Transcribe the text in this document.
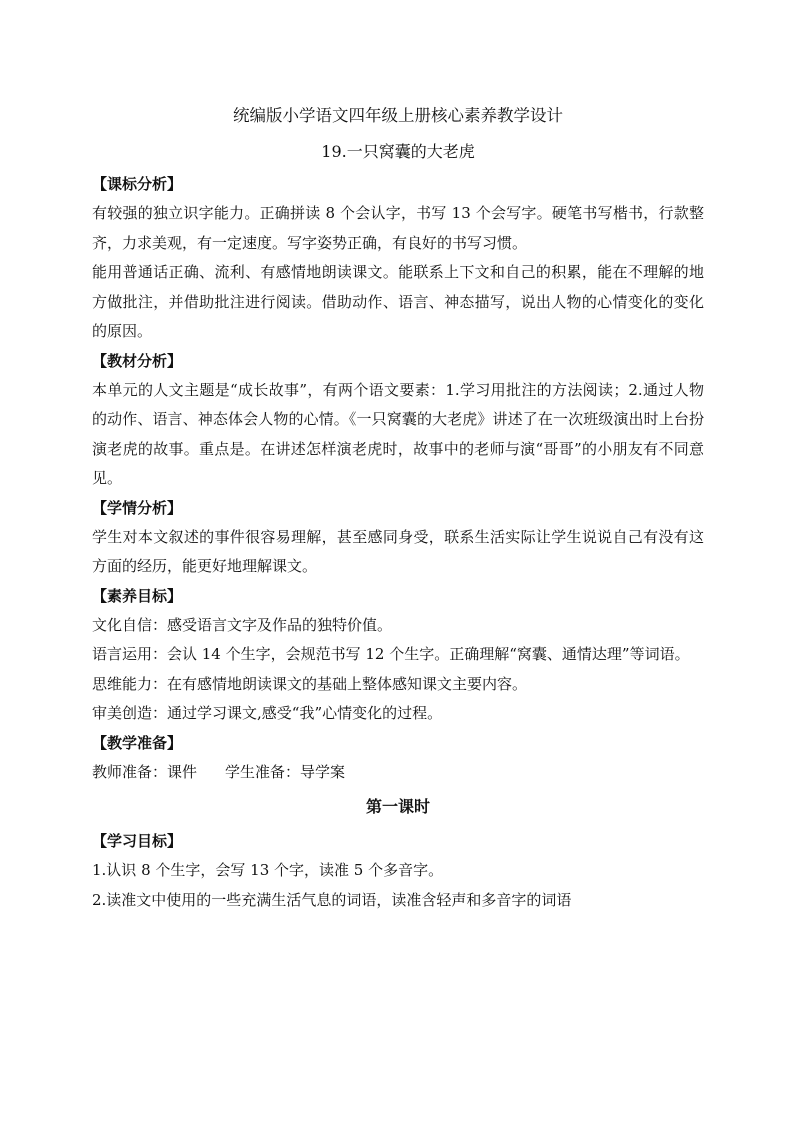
统编版小学语文四年级上册核心素养教学设计
19.一只窝囊的大老虎
【课标分析】

有较强的独立识字能力。正确拼读 8 个会认字，书写 13 个会写字。硬笔书写楷书，行款整齐，力求美观，有一定速度。写字姿势正确，有良好的书写习惯。

能用普通话正确、流利、有感情地朗读课文。能联系上下文和自己的积累，能在不理解的地方做批注，并借助批注进行阅读。借助动作、语言、神态描写，说出人物的心情变化的变化的原因。

【教材分析】

本单元的人文主题是“成长故事”，有两个语文要素：1.学习用批注的方法阅读；2.通过人物的动作、语言、神态体会人物的心情。《一只窝囊的大老虎》讲述了在一次班级演出时上台扮演老虎的故事。重点是。在讲述怎样演老虎时，故事中的老师与演“哥哥”的小朋友有不同意见。

【学情分析】

学生对本文叙述的事件很容易理解，甚至感同身受，联系生活实际让学生说说自己有没有这方面的经历，能更好地理解课文。

【素养目标】
文化自信：感受语言文字及作品的独特价值。

语言运用：会认 14 个生字，会规范书写 12 个生字。正确理解“窝囊、通情达理”等词语。

思维能力：在有感情地朗读课文的基础上整体感知课文主要内容。
审美创造：通过学习课文,感受“我”心情变化的过程。
【教学准备】
教师准备：课件 学生准备：导学案
第一课时
【学习目标】
1.认识 8 个生字，会写 13 个字，读准 5 个多音字。
2.读准文中使用的一些充满生活气息的词语，读准含轻声和多音字的词语
